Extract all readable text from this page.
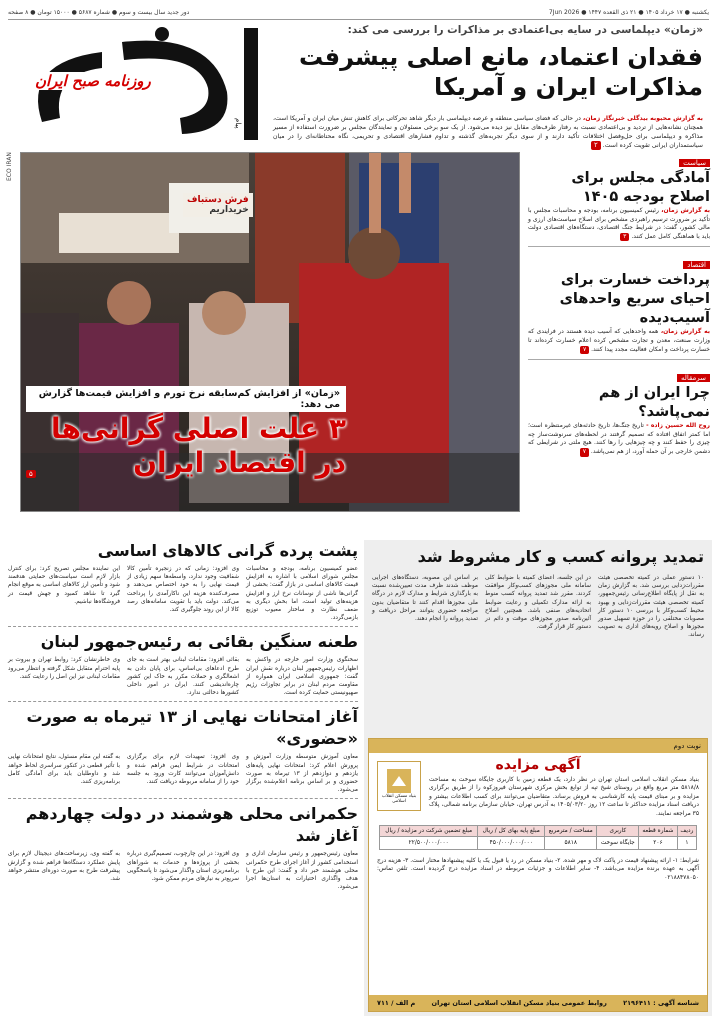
یکشنبه ● ۱۷ خرداد ۱۴۰۵ ● ۲۱ ذی القعده ۱۴۴۷ ● 7Jun 2026
دور جدید سال بیست و سوم ● شماره ۵۶۸۷ ● ۱۵۰۰۰ تومان ● ۸ صفحه
روزنامه صبح ایران
پیام
«زمان» دیپلماسی در سایه بی‌اعتمادی بر مذاکرات را بررسی می کند:
فقدان اعتماد، مانع اصلی پیشرفت
مذاکرات ایران و آمریکا
به گزارش محبوبه بیدگلی خبرنگار زمان، در حالی که فضای سیاسی منطقه و عرصه دیپلماسی بار دیگر شاهد تحرکاتی برای کاهش تنش میان ایران و آمریکا است، همچنان نشانه‌هایی از تردید و بی‌اعتمادی نسبت به رفتار طرف‌های مقابل نیز دیده می‌شود. از یک سو برخی مسئولان و نمایندگان مجلس بر ضرورت استفاده از مسیر مذاکره و دیپلماسی برای حل‌وفصل اختلافات تأکید دارند و از سوی دیگر تجربه‌های گذشته و تداوم فشارهای اقتصادی و تحریمی، نگاه محتاطانه‌ای را در میان سیاستمداران ایرانی تقویت کرده است. ۲
ECO IRAN
فرش دستباف
خریداریم
«زمان» از افزایش کم‌سابقه نرخ تورم و افزایش قیمت‌ها گزارش می دهد:
۳ علت اصلی گرانی‌ها
در اقتصاد ایران
۵
سیاست
آمادگی مجلس برای اصلاح بودجه ۱۴۰۵
به گزارش زمان، رئیس کمیسیون برنامه، بودجه و محاسبات مجلس با تأکید بر ضرورت ترسیم راهبردی مشخص برای اصلاح سیاست‌های ارزی و مالی کشور، گفت: در شرایط جنگ اقتصادی، دستگاه‌های اقتصادی دولت باید با هماهنگی کامل عمل کنند. ۳
اقتصاد
پرداخت خسارت برای احیای سریع واحدهای آسیب‌دیده
به گزارش زمان، همه واحدهایی که آسیب دیده هستند در فرایندی که وزارت صنعت، معدن و تجارت مشخص کرده اعلام خسارت کرده‌اند تا خسارت پرداخت و امکان فعالیت مجدد پیدا کنند. ۷
سرمقاله
چرا ایران از هم نمی‌پاشد؟
روح الله حسین زاده - تاریخ جنگ‌ها، تاریخ حادثه‌های غیرمنتظره است؛ اما کمتر اتفاق افتاده که تصمیم گرفتند در لحظه‌های سرنوشت‌ساز چه چیزی را حفظ کنند و چه چیزهایی را رها کنند. هیچ ملتی در شرایطی که دشمن خارجی بر آن حمله آورد، از هم نمی‌پاشد. ۷
تمدید پروانه کسب و کار مشروط شد
۱۰ دستور عملی در کمیته تخصصی هیئت مقررات‌زدایی بررسی شد. به گزارش زمان به نقل از پایگاه اطلاع‌رسانی رئیس‌جمهور، کمیته تخصصی هیئت مقررات‌زدایی و بهبود محیط کسب‌وکار با بررسی ۱۰ دستور کار مصوبات مختلفی را در حوزه تسهیل صدور مجوزها و اصلاح رویه‌های اداری به تصویب رساند.
در این جلسه، اعضای کمیته با ضوابط کلی سامانه ملی مجوزهای کسب‌وکار موافقت کردند. مقرر شد تمدید پروانه کسب منوط به ارائه مدارک تکمیلی و رعایت ضوابط اتحادیه‌های صنفی باشد. همچنین اصلاح آئین‌نامه صدور مجوزهای موقت و دائم در دستور کار قرار گرفت.
بر اساس این مصوبه، دستگاه‌های اجرایی موظف شدند ظرف مدت تعیین‌شده نسبت به بارگذاری شرایط و مدارک لازم در درگاه ملی مجوزها اقدام کنند تا متقاضیان بدون مراجعه حضوری بتوانند مراحل دریافت و تمدید پروانه را انجام دهند.
نوبت دوم
بنیاد مسکن انقلاب اسلامی
آگهی مزایده
بنیاد مسکن انقلاب اسلامی استان تهران در نظر دارد، یک قطعه زمین با کاربری جایگاه سوخت به مساحت ۵۸۱۸/۸ متر مربع واقع در روستای شیخ تپه از توابع بخش مرکزی شهرستان فیروزکوه را از طریق برگزاری مزایده و بر مبنای قیمت پایه کارشناسی به فروش برساند. متقاضیان می‌توانند برای کسب اطلاعات بیشتر و دریافت اسناد مزایده حداکثر تا ساعت ۱۲ روز ۱۴۰۵/۰۳/۲۰ به آدرس تهران، خیابان سازمان برنامه شمالی، پلاک ۳۵ مراجعه نمایند.
ردیف	شماره قطعه	کاربری	مساحت / مترمربع	مبلغ پایه بهای کل / ریال	مبلغ تضمین شرکت در مزایده / ریال
۱	۲۰۶	جایگاه سوخت	۵۸۱۸	۴۵۰/۰۰۰/۰۰۰/۰۰۰	۲۲/۵۰۰/۰۰۰/۰۰۰
شرایط: ۱- ارائه پیشنهاد قیمت در پاکت لاک و مهر شده. ۲- بنیاد مسکن در رد یا قبول یک یا کلیه پیشنهادها مختار است. ۳- هزینه درج آگهی به عهده برنده مزایده می‌باشد. ۴- سایر اطلاعات و جزئیات مربوطه در اسناد مزایده درج گردیده است. تلفن تماس: ۰۲۱۸۸۴۷۸۰۵۰
شناسه آگهی : ۲۱۹۶۴۱۱
روابط عمومی بنیاد مسکن انقلاب اسلامی استان تهران
م الف / ۷۱۱
پشت پرده گرانی کالاهای اساسی
عضو کمیسیون برنامه، بودجه و محاسبات مجلس شورای اسلامی با اشاره به افزایش قیمت کالاهای اساسی در بازار گفت: بخشی از گرانی‌ها ناشی از نوسانات نرخ ارز و افزایش هزینه‌های تولید است، اما بخش دیگری به ضعف نظارت و ساختار معیوب توزیع بازمی‌گردد.
وی افزود: زمانی که در زنجیره تأمین کالا شفافیت وجود ندارد، واسطه‌ها سهم زیادی از قیمت نهایی را به خود اختصاص می‌دهند و مصرف‌کننده هزینه این ناکارآمدی را پرداخت می‌کند. دولت باید با تقویت سامانه‌های رصد کالا از این روند جلوگیری کند.
این نماینده مجلس تصریح کرد: برای کنترل بازار لازم است سیاست‌های حمایتی هدفمند شود و تأمین ارز کالاهای اساسی به موقع انجام گیرد تا شاهد کمبود و جهش قیمت در فروشگاه‌ها نباشیم.
طعنه سنگین بقائی به رئیس‌جمهور لبنان
سخنگوی وزارت امور خارجه در واکنش به اظهارات رئیس‌جمهور لبنان درباره نقش ایران گفت: جمهوری اسلامی ایران همواره از مقاومت مردم لبنان در برابر تجاوزات رژیم صهیونیستی حمایت کرده است.
بقائی افزود: مقامات لبنانی بهتر است به جای طرح ادعاهای بی‌اساس، برای پایان دادن به اشغالگری و حملات مکرر به خاک این کشور چاره‌اندیشی کنند. ایران در امور داخلی کشورها دخالتی ندارد.
وی خاطرنشان کرد: روابط تهران و بیروت بر پایه احترام متقابل شکل گرفته و انتظار می‌رود مقامات لبنانی نیز این اصل را رعایت کنند.
آغاز امتحانات نهایی از ۱۳ تیرماه به صورت «حضوری»
معاون آموزش متوسطه وزارت آموزش و پرورش اعلام کرد: امتحانات نهایی پایه‌های یازدهم و دوازدهم از ۱۳ تیرماه به صورت حضوری و بر اساس برنامه اعلام‌شده برگزار می‌شود.
وی افزود: تمهیدات لازم برای برگزاری امتحانات در شرایط ایمن فراهم شده و دانش‌آموزان می‌توانند کارت ورود به جلسه خود را از سامانه مربوطه دریافت کنند.
به گفته این مقام مسئول، نتایج امتحانات نهایی با تأثیر قطعی در کنکور سراسری لحاظ خواهد شد و داوطلبان باید برای آمادگی کامل برنامه‌ریزی کنند.
حکمرانی محلی هوشمند در دولت چهاردهم آغاز شد
معاون رئیس‌جمهور و رئیس سازمان اداری و استخدامی کشور از آغاز اجرای طرح حکمرانی محلی هوشمند خبر داد و گفت: این طرح با هدف واگذاری اختیارات به استان‌ها اجرا می‌شود.
وی افزود: در این چارچوب، تصمیم‌گیری درباره بخشی از پروژه‌ها و خدمات به شوراهای برنامه‌ریزی استان واگذار می‌شود تا پاسخگویی سریع‌تر به نیازهای مردم ممکن شود.
به گفته وی، زیرساخت‌های دیجیتال لازم برای پایش عملکرد دستگاه‌ها فراهم شده و گزارش پیشرفت طرح به صورت دوره‌ای منتشر خواهد شد.
